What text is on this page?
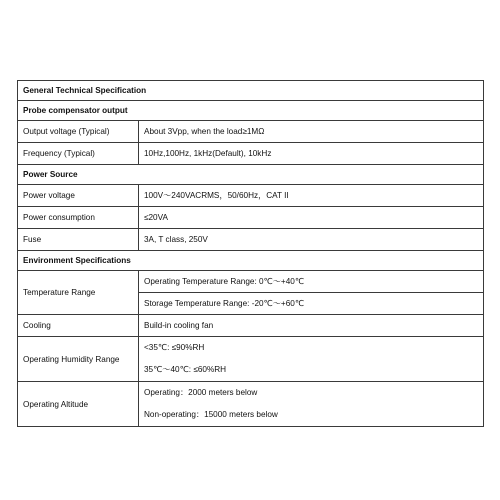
General Technical Specification	
Probe compensator output	
Output voltage (Typical)	About 3Vpp, when the load≥1MΩ
Frequency (Typical)	10Hz,100Hz, 1kHz(Default), 10kHz
Power Source	
Power voltage	100V～240VACRMS，50/60Hz，CAT II
Power consumption	≤20VA
Fuse	3A, T class, 250V
Environment Specifications	
Temperature Range	Operating Temperature Range: 0℃～+40℃
	Storage Temperature Range: -20℃～+60℃
Cooling	Build-in cooling fan
Operating Humidity Range	<35℃: ≤90%RH
35℃～40℃: ≤60%RH

Operating Altitude	Operating：2000 meters below
Non-operating：15000 meters below
